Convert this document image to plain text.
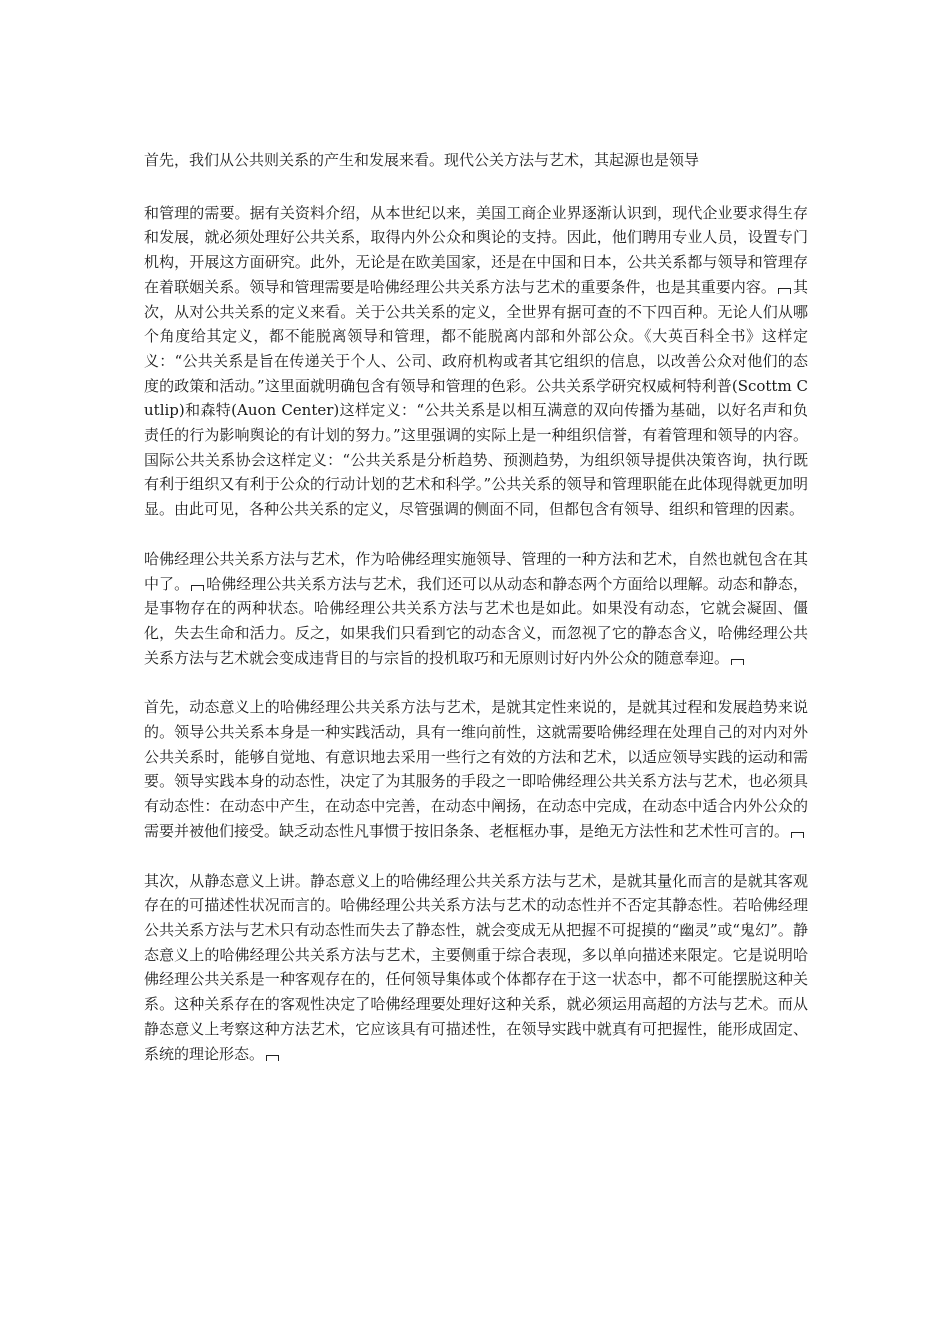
首先，我们从公共则关系的产生和发展来看。现代公关方法与艺术，其起源也是领导

和管理的需要。据有关资料介绍，从本世纪以来，美国工商企业界逐渐认识到，现代企业要求得生存和发展，就必须处理好公共关系，取得内外公众和舆论的支持。因此，他们聘用专业人员，设置专门机构，开展这方面研究。此外，无论是在欧美国家，还是在中国和日本，公共关系都与领导和管理存在着联姻关系。领导和管理需要是哈佛经理公共关系方法与艺术的重要条件，也是其重要内容。 其次，从对公共关系的定义来看。关于公共关系的定义，全世界有据可查的不下四百种。无论人们从哪个角度给其定义，都不能脱离领导和管理，都不能脱离内部和外部公众。《大英百科全书》这样定义：“公共关系是旨在传递关于个人、公司、政府机构或者其它组织的信息，以改善公众对他们的态度的政策和活动。”这里面就明确包含有领导和管理的色彩。公共关系学研究权威柯特利普(Scottm Cutlip)和森特(Auon Center)这样定义：“公共关系是以相互满意的双向传播为基础，以好名声和负责任的行为影响舆论的有计划的努力。”这里强调的实际上是一种组织信誉，有着管理和领导的内容。国际公共关系协会这样定义：“公共关系是分析趋势、预测趋势，为组织领导提供决策咨询，执行既有利于组织又有利于公众的行动计划的艺术和科学。”公共关系的领导和管理职能在此体现得就更加明显。由此可见，各种公共关系的定义，尽管强调的侧面不同，但都包含有领导、组织和管理的因素。

哈佛经理公共关系方法与艺术，作为哈佛经理实施领导、管理的一种方法和艺术，自然也就包含在其中了。 哈佛经理公共关系方法与艺术，我们还可以从动态和静态两个方面给以理解。动态和静态，是事物存在的两种状态。哈佛经理公共关系方法与艺术也是如此。如果没有动态，它就会凝固、僵化，失去生命和活力。反之，如果我们只看到它的动态含义，而忽视了它的静态含义，哈佛经理公共关系方法与艺术就会变成违背目的与宗旨的投机取巧和无原则讨好内外公众的随意奉迎。

首先，动态意义上的哈佛经理公共关系方法与艺术，是就其定性来说的，是就其过程和发展趋势来说的。领导公共关系本身是一种实践活动，具有一维向前性，这就需要哈佛经理在处理自己的对内对外公共关系时，能够自觉地、有意识地去采用一些行之有效的方法和艺术，以适应领导实践的运动和需要。领导实践本身的动态性，决定了为其服务的手段之一即哈佛经理公共关系方法与艺术，也必须具有动态性：在动态中产生，在动态中完善，在动态中阐扬，在动态中完成，在动态中适合内外公众的需要并被他们接受。缺乏动态性凡事惯于按旧条条、老框框办事，是绝无方法性和艺术性可言的。

其次，从静态意义上讲。静态意义上的哈佛经理公共关系方法与艺术，是就其量化而言的是就其客观存在的可描述性状况而言的。哈佛经理公共关系方法与艺术的动态性并不否定其静态性。若哈佛经理公共关系方法与艺术只有动态性而失去了静态性，就会变成无从把握不可捉摸的“幽灵”或“鬼幻”。静态意义上的哈佛经理公共关系方法与艺术，主要侧重于综合表现，多以单向描述来限定。它是说明哈佛经理公共关系是一种客观存在的，任何领导集体或个体都存在于这一状态中，都不可能摆脱这种关系。这种关系存在的客观性决定了哈佛经理要处理好这种关系，就必须运用高超的方法与艺术。而从静态意义上考察这种方法艺术，它应该具有可描述性，在领导实践中就真有可把握性，能形成固定、系统的理论形态。
